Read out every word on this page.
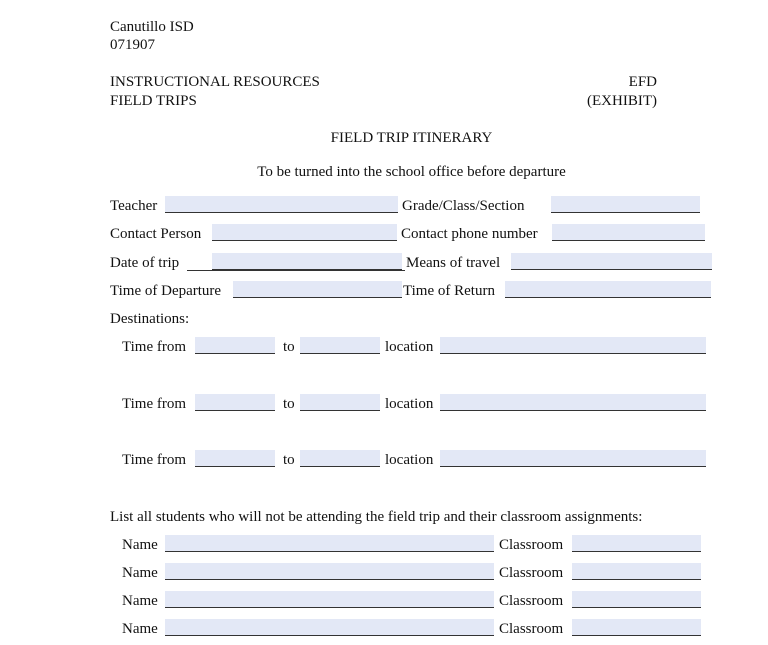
Canutillo ISD
071907
INSTRUCTIONAL RESOURCES
FIELD TRIPS
EFD
(EXHIBIT)
FIELD TRIP ITINERARY
To be turned into the school office before departure
Teacher	Grade/Class/Section
Contact Person	Contact phone number
Date of trip	Means of travel
Time of Departure	Time of Return
Destinations:
Time from	to	location
Time from	to	location
Time from	to	location
List all students who will not be attending the field trip and their classroom assignments:
Name	Classroom
Name	Classroom
Name	Classroom
Name	Classroom
